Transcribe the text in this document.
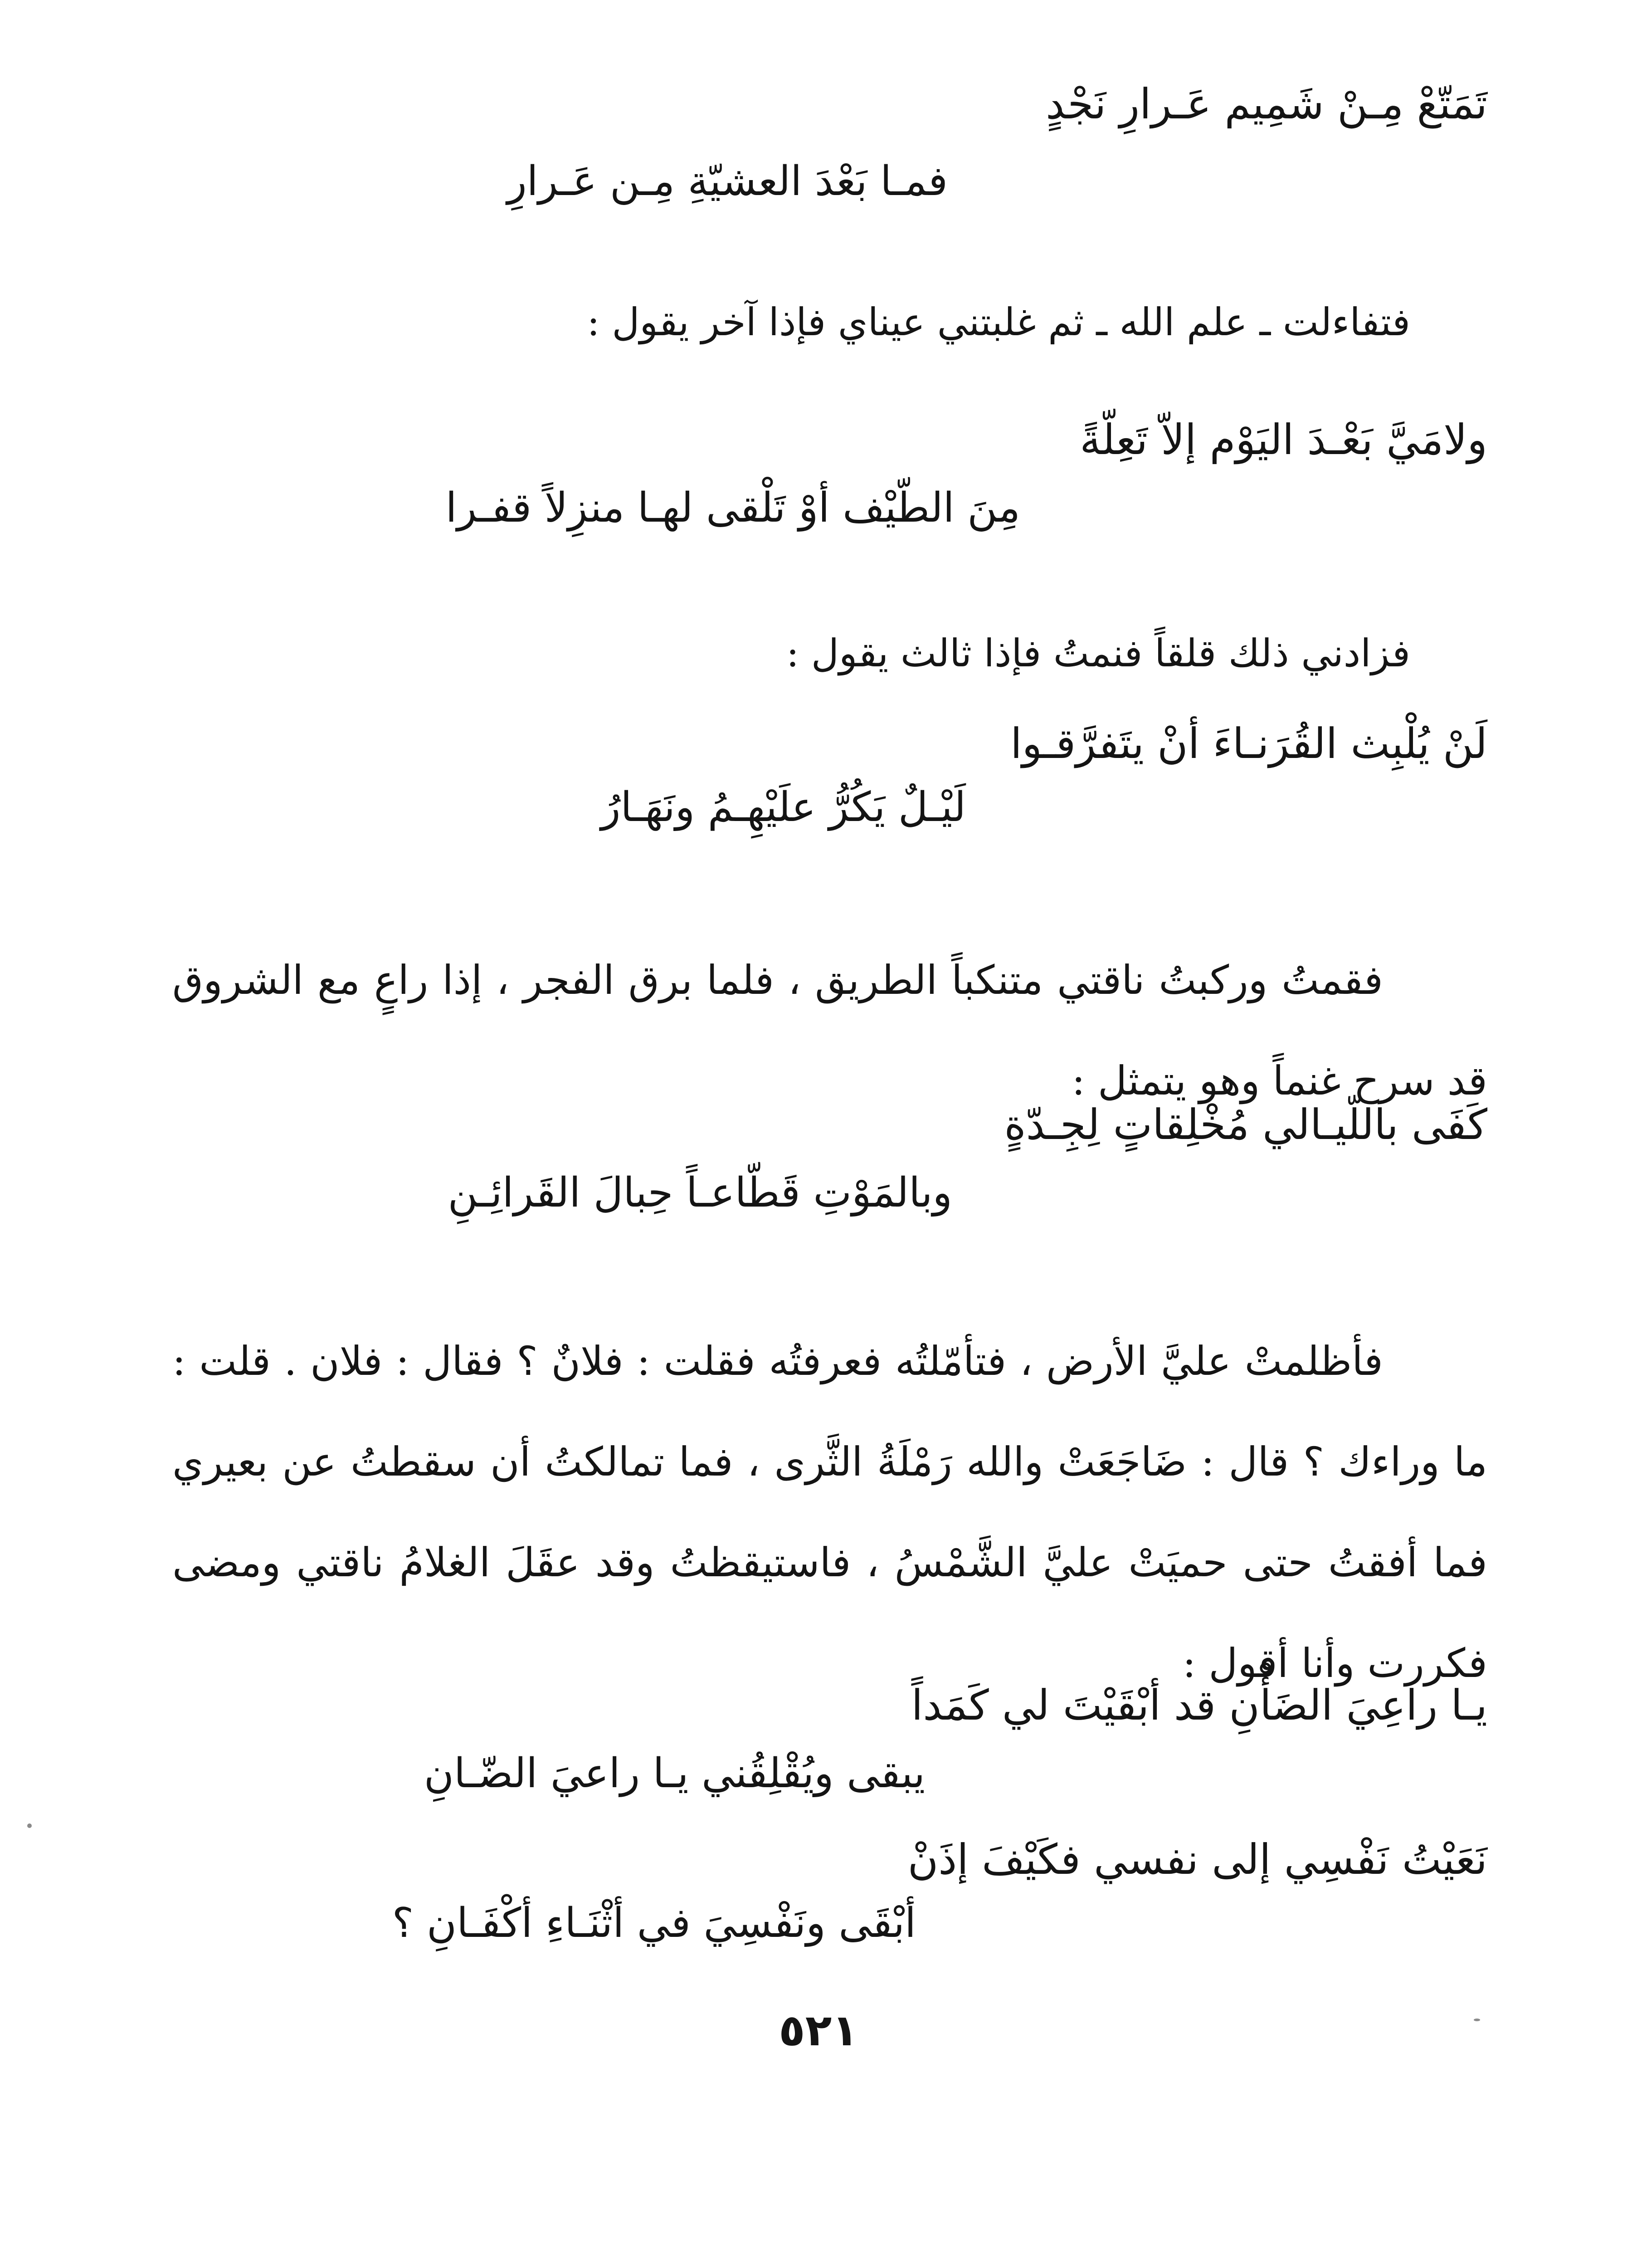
تَمَتّعْ مِـنْ شَمِيم عَـرارِ نَجْدٍ
فمـا بَعْدَ العشيّةِ مِـن عَـرارِ
فتفاءلت ـ علم الله ـ ثم غلبتني عيناي فإذا آخر يقول :
ولامَيَّ بَعْـدَ اليَوْم إلاّ تَعِلّةً
مِنَ الطّيْف أوْ تَلْقى لهـا منزِلاً قفـرا
فزادني ذلك قلقاً فنمتُ فإذا ثالث يقول :
لَنْ يُلْبِث القُرَنـاءَ أنْ يتَفرَّقـوا
لَيْـلٌ يَكُرُّ علَيْهِـمُ ونَهَـارُ
فقمتُ وركبتُ ناقتي متنكباً الطريق ، فلما برق الفجر ، إذا راعٍ مع الشروق قد سرح غنماً وهو يتمثل :
كَفَى باللّيـالي مُخْلِقاتٍ لِجِـدّةٍ
وبالمَوْتِ قَطّاعـاً حِبالَ القَرائِـنِ
فأظلمتْ عليَّ الأرض ، فتأمّلتُه فعرفتُه فقلت : فلانٌ ؟ فقال : فلان . قلت : ما وراءك ؟ قال : ضَاجَعَتْ والله رَمْلَةُ الثَّرى ، فما تمالكتُ أن سقطتُ عن بعيري فما أفقتُ حتى حميَتْ عليَّ الشَّمْسُ ، فاستيقظتُ وقد عقَلَ الغلامُ ناقتي ومضى فكررت وأنا أقول :
يـا راعِيَ الضَأْنِ قد أبْقَيْتَ لي كَمَداً
يبقى ويُقْلِقُني يـا راعيَ الضّـانِ
نَعَيْتُ نَفْسِي إلى نفسي فكَيْفَ إذَنْ
أبْقَى ونَفْسِيَ في أثْنَـاءِ أكْفَـانِ ؟
٥٢١
